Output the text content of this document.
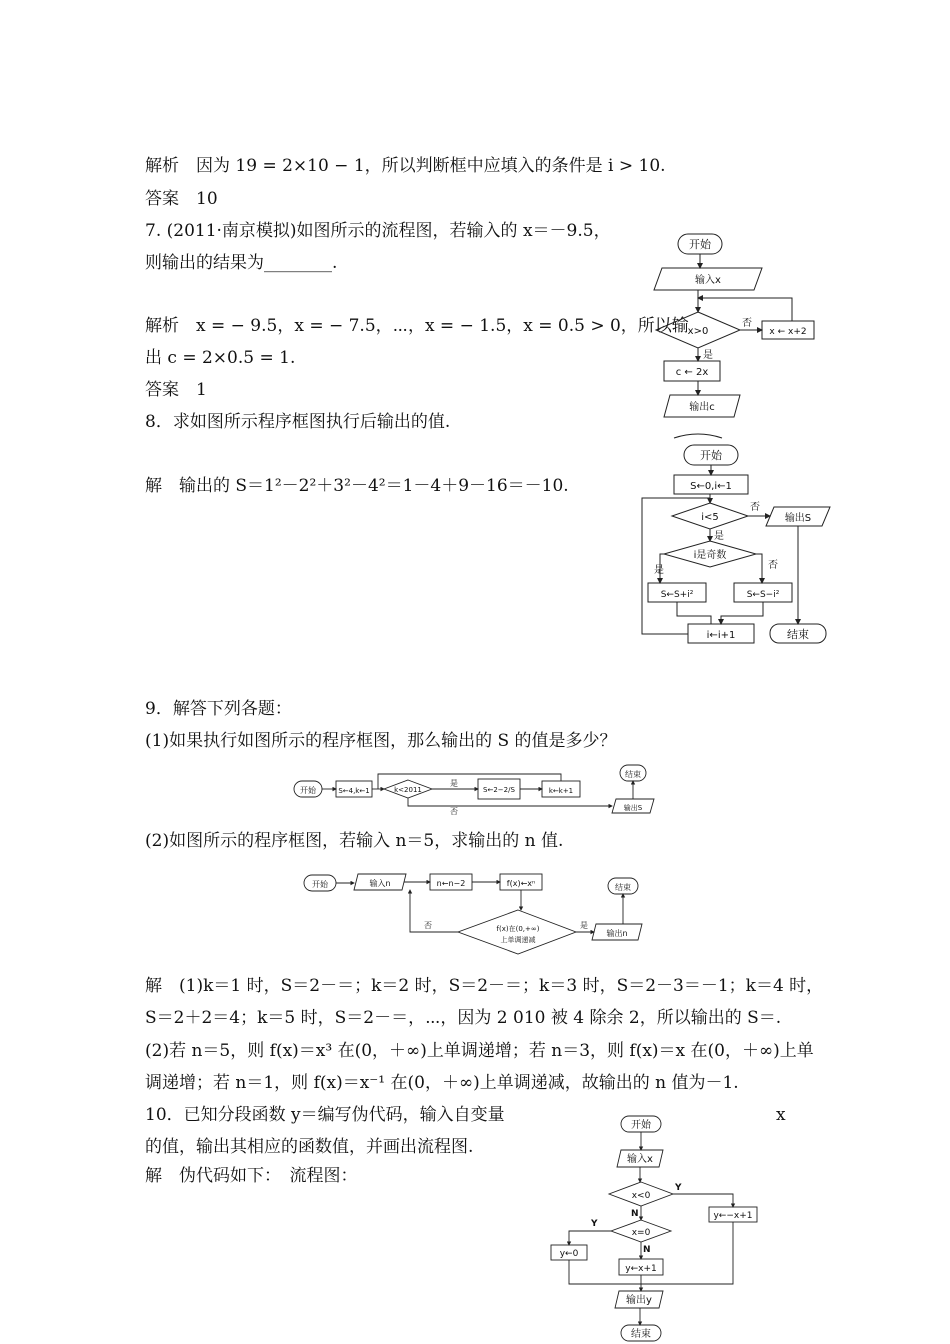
解析　因为 19 = 2×10 − 1，所以判断框中应填入的条件是 i > 10.
答案　10
7. (2011·南京模拟)如图所示的流程图，若输入的 x＝－9.5，
则输出的结果为________.
解析　x = − 9.5，x = − 7.5，⋯，x = − 1.5，x = 0.5 > 0，所以输
出 c = 2×0.5 = 1.
答案　1
8．求如图所示程序框图执行后输出的值.
解　输出的 S＝1²－2²＋3²－4²＝1－4＋9－16＝－10.
9．解答下列各题：
(1)如果执行如图所示的程序框图，那么输出的 S 的值是多少？
(2)如图所示的程序框图，若输入 n＝5，求输出的 n 值.
解　(1)k＝1 时，S＝2－＝；k＝2 时，S＝2－＝；k＝3 时，S＝2－3＝－1；k＝4 时，
S＝2＋2＝4；k＝5 时，S＝2－＝，⋯，因为 2 010 被 4 除余 2，所以输出的 S＝.
(2)若 n＝5，则 f(x)＝x³ 在(0，＋∞)上单调递增；若 n＝3，则 f(x)＝x 在(0，＋∞)上单
调递增；若 n＝1，则 f(x)＝x⁻¹ 在(0，＋∞)上单调递减，故输出的 n 值为－1.
10．已知分段函数 y＝编写伪代码，输入自变量	x
的值，输出其相应的函数值，并画出流程图.
解　伪代码如下：　流程图：
开始
输入x
x>0
否
x ← x+2
是
c ← 2x
输出c
开始
S←0,i←1
i<5
否
输出S
是
i是奇数
是	否
S←S+i²	S←S−i²
i←i+1	结束
开始	S←4,k←1	k<2011
是
S←2−2/S	k←k+1
否	输出S
结束
开始	输入n	n←n−2	f(x)←xⁿ
f(x)在(0,+∞)
上单调递减
否	是
输出n
结束
开始
输入x
x<0
Y
N	y←−x+1
x=0
Y
N
y←0
y←x+1
输出y
结束
